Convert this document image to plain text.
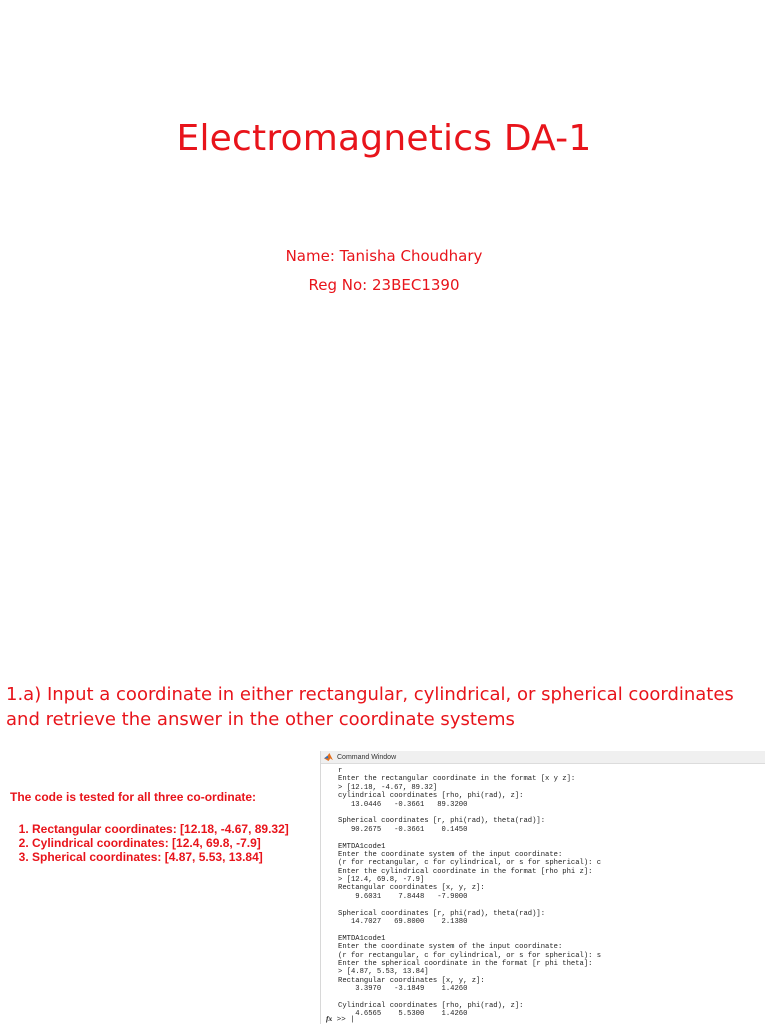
Electromagnetics DA-1
Name: Tanisha Choudhary
Reg No: 23BEC1390
1.a) Input a coordinate in either rectangular, cylindrical, or spherical coordinates
and retrieve the answer in the other coordinate systems

The code is tested for all three co-ordinate:

1. Rectangular coordinates: [12.18, -4.67, 89.32]
2. Cylindrical coordinates: [12.4, 69.8, -7.9]
3. Spherical coordinates: [4.87, 5.53, 13.84]
Command Window
r
Enter the rectangular coordinate in the format [x y z]:
> [12.18, -4.67, 89.32]
cylindrical coordinates [rho, phi(rad), z]:
13.0446   -0.3661   89.3200
Spherical coordinates [r, phi(rad), theta(rad)]:
90.2675   -0.3661    0.1450
EMTDA1code1
Enter the coordinate system of the input coordinate:
(r for rectangular, c for cylindrical, or s for spherical): c
Enter the cylindrical coordinate in the format [rho phi z]:
> [12.4, 69.8, -7.9]
Rectangular coordinates [x, y, z]:
9.6031    7.8448   -7.9000
Spherical coordinates [r, phi(rad), theta(rad)]:
14.7027   69.8000    2.1380
EMTDA1code1
Enter the coordinate system of the input coordinate:
(r for rectangular, c for cylindrical, or s for spherical): s
Enter the spherical coordinate in the format [r phi theta]:
> [4.87, 5.53, 13.84]
Rectangular coordinates [x, y, z]:
3.3970   -3.1849    1.4260
Cylindrical coordinates [rho, phi(rad), z]:
4.6565    5.5300    1.4260
fx >> |
